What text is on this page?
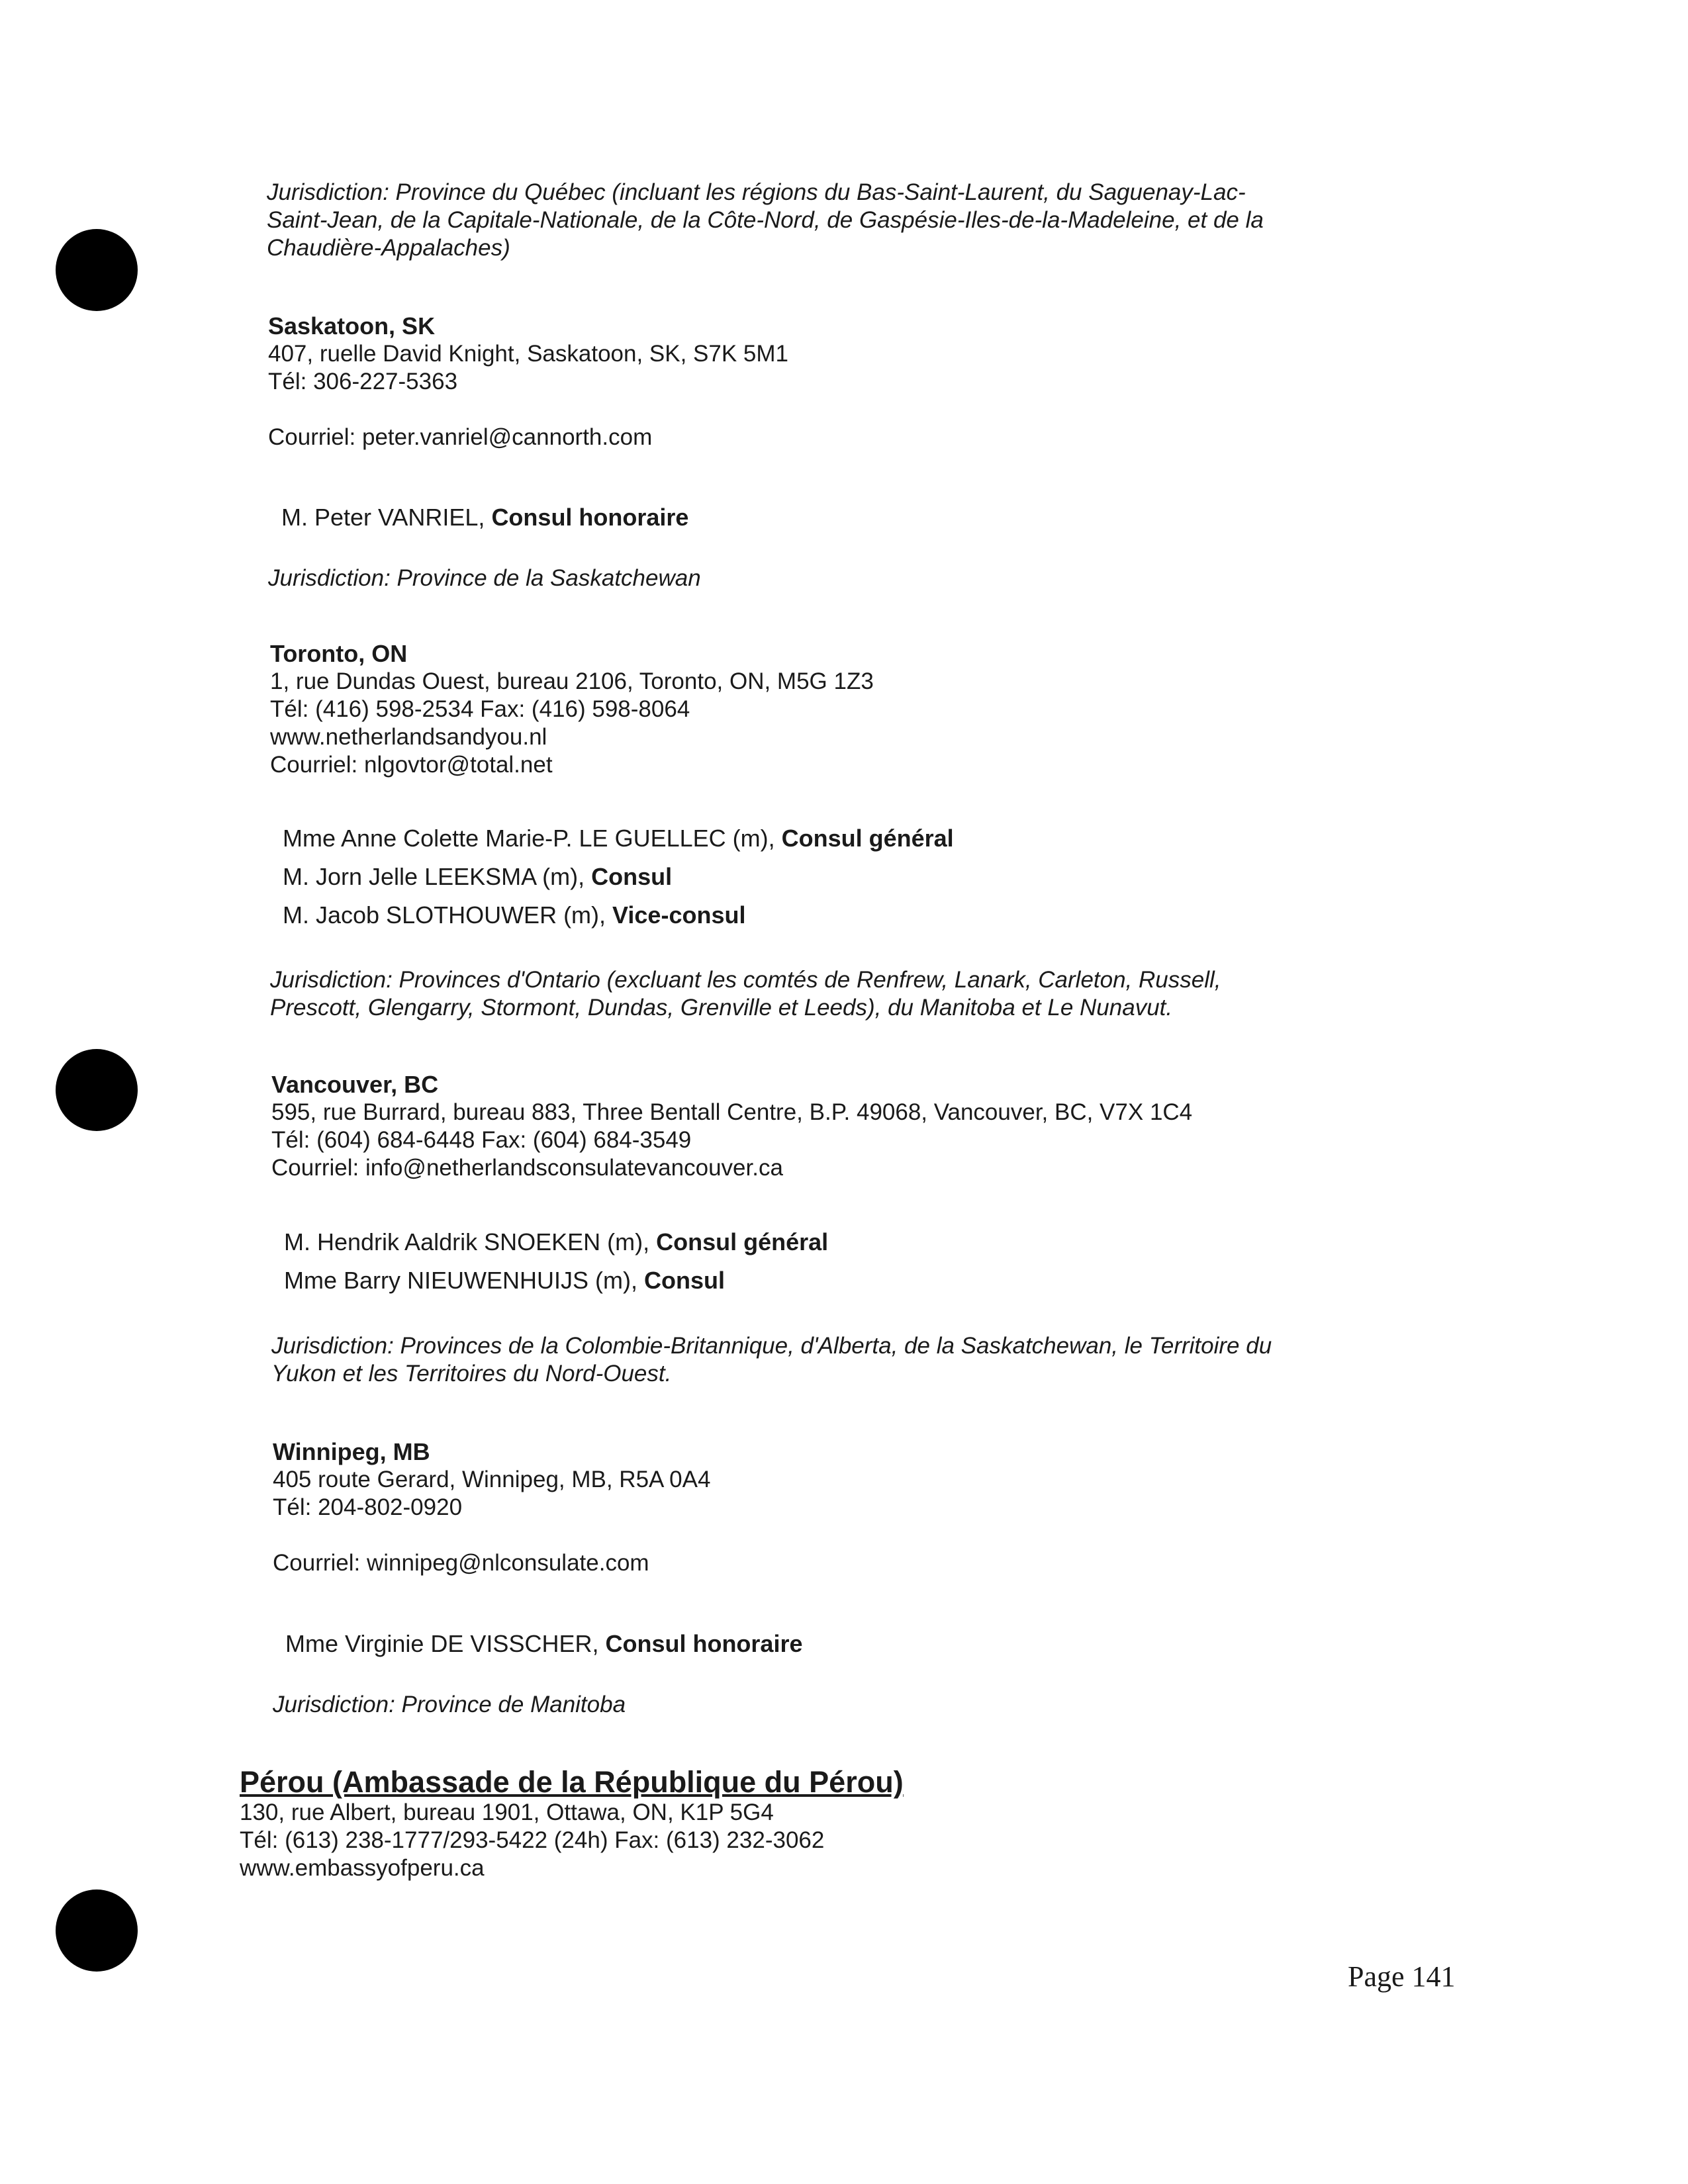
Jurisdiction: Province du Québec (incluant les régions du Bas-Saint-Laurent, du Saguenay-Lac-
Saint-Jean, de la Capitale-Nationale, de la Côte-Nord, de Gaspésie-Iles-de-la-Madeleine, et de la
Chaudière-Appalaches)
Saskatoon, SK
407, ruelle David Knight, Saskatoon, SK, S7K 5M1
Tél: 306-227-5363
Courriel: peter.vanriel@cannorth.com
M. Peter VANRIEL, Consul honoraire
Jurisdiction: Province de la Saskatchewan
Toronto, ON
1, rue Dundas Ouest, bureau 2106, Toronto, ON, M5G 1Z3
Tél: (416) 598-2534 Fax: (416) 598-8064
www.netherlandsandyou.nl
Courriel: nlgovtor@total.net
Mme Anne Colette Marie-P. LE GUELLEC (m), Consul général
M. Jorn Jelle LEEKSMA (m), Consul
M. Jacob SLOTHOUWER (m), Vice-consul
Jurisdiction: Provinces d'Ontario (excluant les comtés de Renfrew, Lanark, Carleton, Russell,
Prescott, Glengarry, Stormont, Dundas, Grenville et Leeds), du Manitoba et Le Nunavut.
Vancouver, BC
595, rue Burrard, bureau 883, Three Bentall Centre, B.P. 49068, Vancouver, BC, V7X 1C4
Tél: (604) 684-6448 Fax: (604) 684-3549
Courriel: info@netherlandsconsulatevancouver.ca
M. Hendrik Aaldrik SNOEKEN (m), Consul général
Mme Barry NIEUWENHUIJS (m), Consul
Jurisdiction: Provinces de la Colombie-Britannique, d'Alberta, de la Saskatchewan, le Territoire du
Yukon et les Territoires du Nord-Ouest.
Winnipeg, MB
405 route Gerard, Winnipeg, MB, R5A 0A4
Tél: 204-802-0920
Courriel: winnipeg@nlconsulate.com
Mme Virginie DE VISSCHER, Consul honoraire
Jurisdiction: Province de Manitoba
Pérou (Ambassade de la République du Pérou)
130, rue Albert, bureau 1901, Ottawa, ON, K1P 5G4
Tél: (613) 238-1777/293-5422 (24h) Fax: (613) 232-3062
www.embassyofperu.ca
Page 141
